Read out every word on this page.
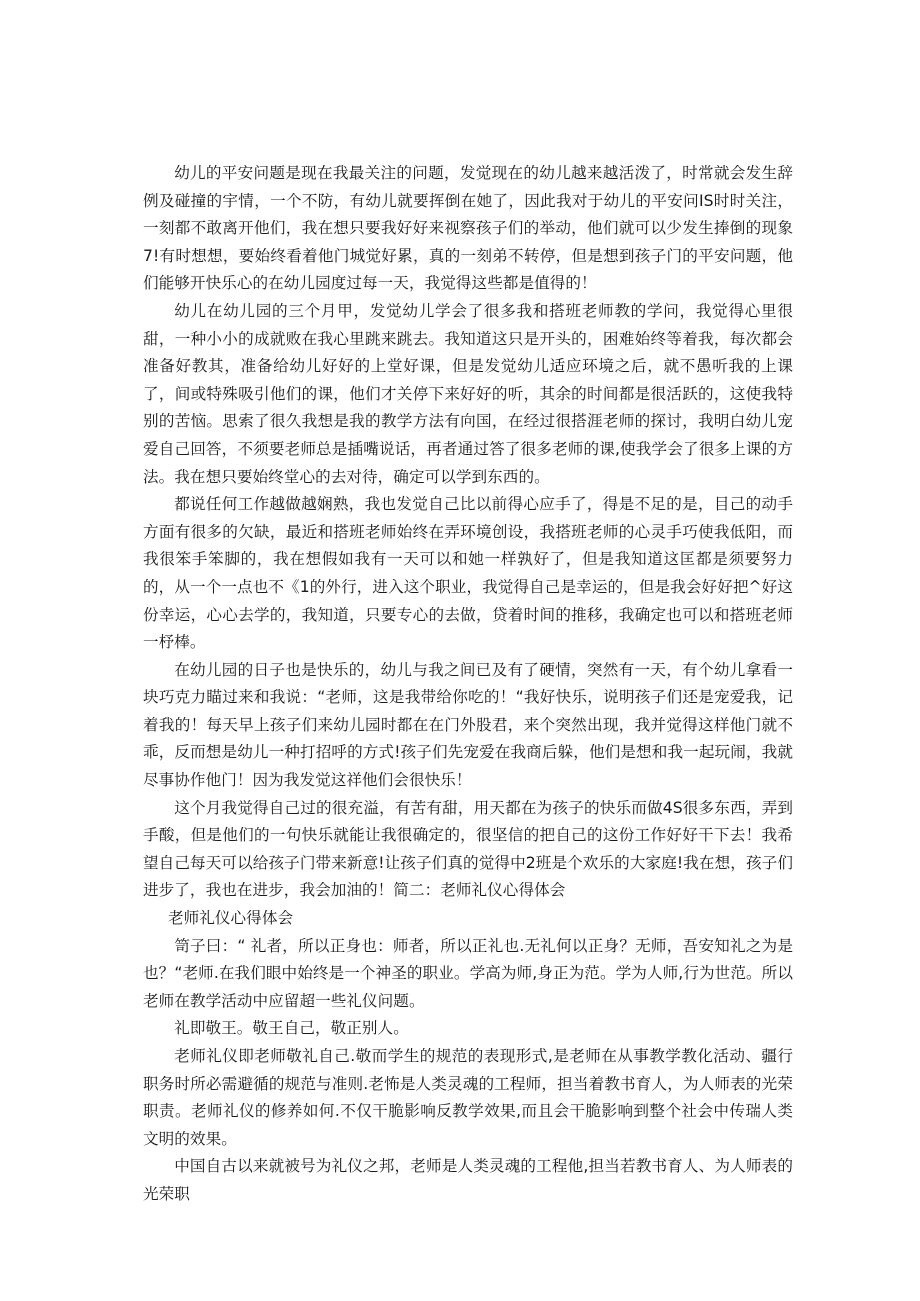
幼儿的平安问题是现在我最关注的问题，发觉现在的幼儿越来越活泼了，时常就会发生辞例及碰撞的宇情，一个不防，有幼儿就要挥倒在她了，因此我对于幼儿的平安问IS时时关注，一刻都不敢离开他们，我在想只要我好好来视察孩子们的举动，他们就可以少发生捧倒的现象7!有时想想，要始终看着他门城觉好累，真的一刻弟不转停，但是想到孩子门的平安问题，他们能够开快乐心的在幼儿园度过每一天，我觉得这些都是值得的！

幼儿在幼儿园的三个月甲，发觉幼儿学会了很多我和搭班老师教的学问，我觉得心里很甜，一种小小的成就败在我心里跳来跳去。我知道这只是开头的，困难始终等着我，每次都会准备好教其，准备给幼儿好好的上堂好课，但是发觉幼儿适应环境之后，就不愚听我的上课了，间或特殊吸引他们的课，他们才关停下来好好的听，其余的时间都是很活跃的，这使我特别的苦恼。思索了很久我想是我的教学方法有向国，在经过很搭涯老师的探讨，我明白幼儿宠爱自己回答，不须要老师总是插嘴说话，再者通过答了很多老师的课,使我学会了很多上课的方法。我在想只要始终堂心的去对待，确定可以学到东西的。

都说任何工作越做越娴熟，我也发觉自己比以前得心应手了，得是不足的是，目己的动手方面有很多的欠缺，最近和搭班老师始终在弄环境创设，我搭班老师的心灵手巧使我低阳，而我很笨手笨脚的，我在想假如我有一天可以和她一样孰好了，但是我知道这匡都是须要努力的，从一个一点也不《1的外行，进入这个职业，我觉得自己是幸运的，但是我会好好把^好这份幸运，心心去学的，我知道，只要专心的去做，贷着时间的推移，我确定也可以和搭班老师一杼棒。

在幼儿园的日子也是快乐的，幼儿与我之间已及有了硬情，突然有一天，有个幼儿拿看一块巧克力瞄过来和我说：“老师，这是我带给你吃的！“我好快乐，说明孩子们还是宠爱我，记着我的！每天早上孩子们来幼儿园时都在在门外股君，来个突然出现，我并觉得这样他门就不乖，反而想是幼儿一种打招呼的方式!孩子们先宠爱在我商后躲，他们是想和我一起玩闹，我就尽事协作他门！因为我发觉这祥他们会很快乐！

这个月我觉得自己过的很充溢，有苦有甜，用天都在为孩子的快乐而做4S很多东西，弄到手酸，但是他们的一句快乐就能让我很确定的，很坚信的把自己的这份工作好好干下去！我希望自己每天可以给孩子门带来新意!让孩子们真的觉得中2班是个欢乐的大家庭!我在想，孩子们进步了，我也在进步，我会加油的！简二：老师礼仪心得体会

老师礼仪心得体会

笥子曰：“ 礼者，所以正身也：师者，所以正礼也.无礼何以正身？无师，吾安知礼之为是也？“老师.在我们眼中始终是一个神圣的职业。学高为师,身正为范。学为人师,行为世范。所以老师在教学活动中应留超一些礼仪问题。

礼即敬王。敬王自己，敬正别人。

老师礼仪即老师敬礼自己.敬而学生的规范的表现形式,是老师在从事教学教化活动、疆行职务时所必需避循的规范与准则.老怖是人类灵魂的工程师，担当着教书育人，为人师表的光荣职责。老师礼仪的修养如何.不仅干脆影响反教学效果,而且会干脆影响到整个社会中传瑞人类文明的效果。

中国自古以来就被号为礼仪之邦，老师是人类灵魂的工程他,担当若教书育人、为人师表的光荣职
